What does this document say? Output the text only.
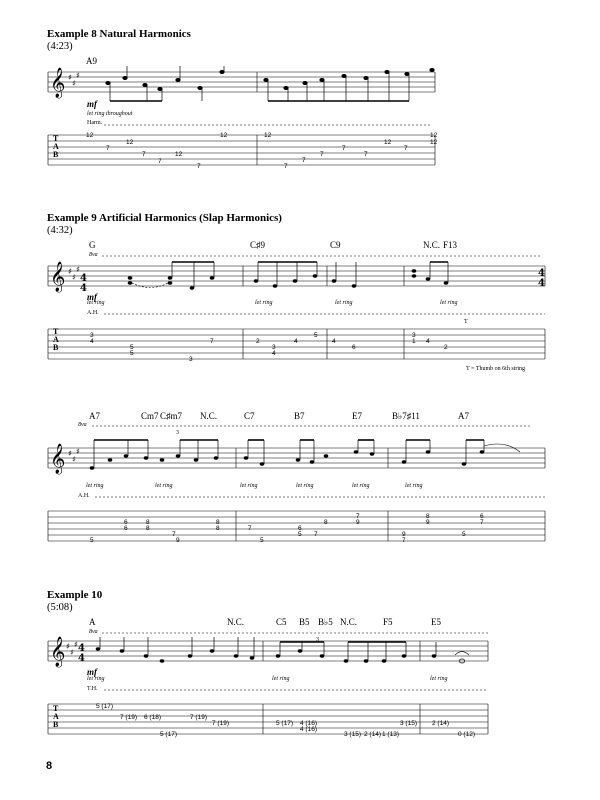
Example 8 Natural Harmonics
(4:23)
Example 9 Artificial Harmonics (Slap Harmonics)
(4:32)
Example 10
(5:08)
A9
mf
let ring throughout
Harm.
G	C♯9	C9	N.C. F13
8va
mf
let ring	let ring	let ring	let ring
A.H.
T
T = Thumb on 6th string
A7	Cm7 C♯m7 N.C.	C7	B7	E7	B♭7♯11	A7
8va
3
let ring	let ring	let ring	let ring	let ring	let ring
A.H.
A	N.C.	C5 B5 B♭5 N.C.	F5	E5
8va
3
mf
let ring	let ring	let ring
T.H.
T
A
B
T
A
B
T
A
B
12
7
12
7	12
7
7
12	12
7
7
7
7
7
12
7
12
12
3
4
5
5
3
7	2
3
4
4
5
4
6
3
1 4
2
6
6
5
8
8
7
9
8
8	7
5
6
5
8
7
7
9
9
7
8
9
5
6
7
5 (17)
7 (19) 6 (18)	7 (19)
7 (19)
5 (17)
5 (17) 4 (16)
4 (16)
3 (15) 2 (14) 1 (13)
3 (15) 2 (14)
0 (12)
8
𝄞
𝄞
𝄞
𝄞
♯
♯
♯
♯
♯
♯
♯
♯
♯
♯
♯
♯
4
4
4
4
4
4
